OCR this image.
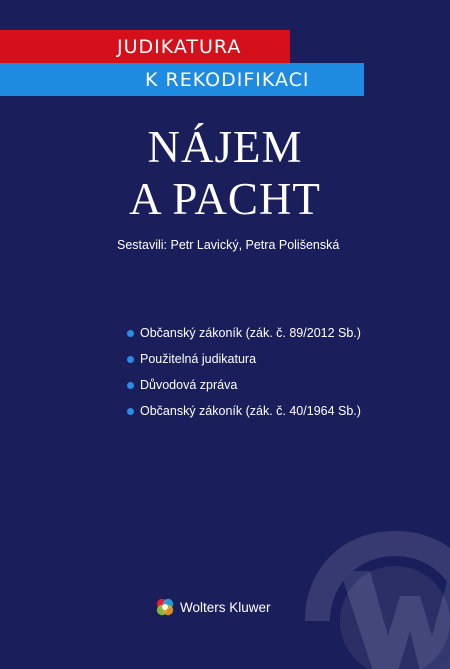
JUDIKATURA
K REKODIFIKACI
NÁJEM
A PACHT
Sestavili: Petr Lavický, Petra Polišenská
Občanský zákoník (zák. č. 89/2012 Sb.)
Použitelná judikatura
Důvodová zpráva
Občanský zákoník (zák. č. 40/1964 Sb.)
Wolters Kluwer
